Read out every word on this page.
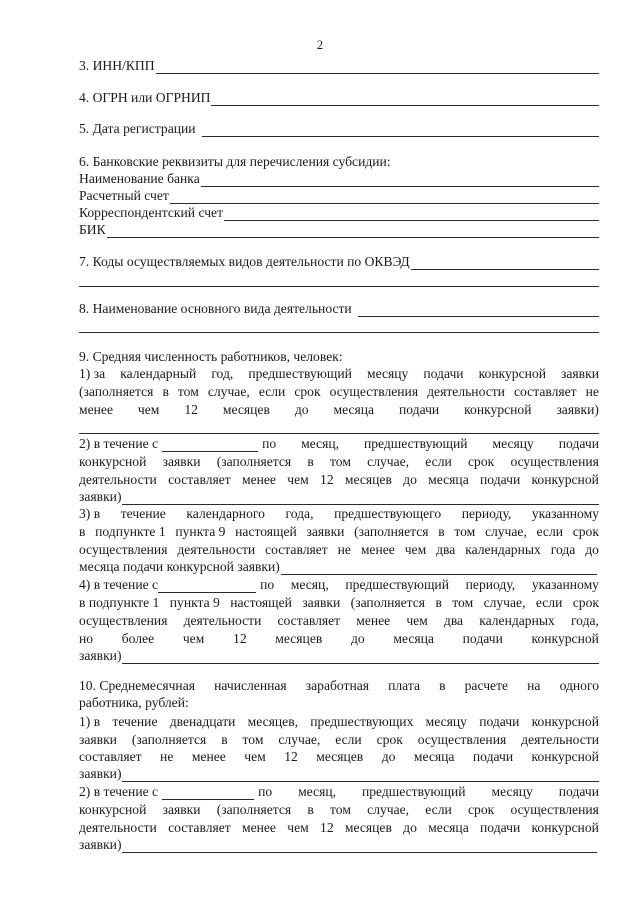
2
3. ИНН/КПП
4. ОГРН или ОГРНИП
5. Дата регистрации
6. Банковские реквизиты для перечисления субсидии:
Наименование банка
Расчетный счет
Корреспондентский счет
БИК
7. Коды осуществляемых видов деятельности по ОКВЭД
8. Наименование основного вида деятельности
9. Средняя численность работников, человек:
1) за календарный год, предшествующий месяцу подачи конкурсной заявки
(заполняется в том случае, если срок осуществления деятельности составляет не
менее чем 12 месяцев до месяца подачи конкурсной заявки)
2) в течение с	по месяц, предшествующий месяцу подачи
конкурсной заявки (заполняется в том случае, если срок осуществления
деятельности составляет менее чем 12 месяцев до месяца подачи конкурсной
заявки)
3) в течение календарного года, предшествующего периоду, указанному
в подпункте 1 пункта 9 настоящей заявки (заполняется в том случае, если срок
осуществления деятельности составляет не менее чем два календарных года до
месяца подачи конкурсной заявки)
4) в течение с	по месяц, предшествующий периоду, указанному
в подпункте 1 пункта 9 настоящей заявки (заполняется в том случае, если срок
осуществления деятельности составляет менее чем два календарных года,
но более чем 12 месяцев до месяца подачи конкурсной
заявки)
10. Среднемесячная начисленная заработная плата в расчете на одного
работника, рублей:
1) в течение двенадцати месяцев, предшествующих месяцу подачи конкурсной
заявки (заполняется в том случае, если срок осуществления деятельности
составляет не менее чем 12 месяцев до месяца подачи конкурсной
заявки)
2) в течение с	по месяц, предшествующий месяцу подачи
конкурсной заявки (заполняется в том случае, если срок осуществления
деятельности составляет менее чем 12 месяцев до месяца подачи конкурсной
заявки)
